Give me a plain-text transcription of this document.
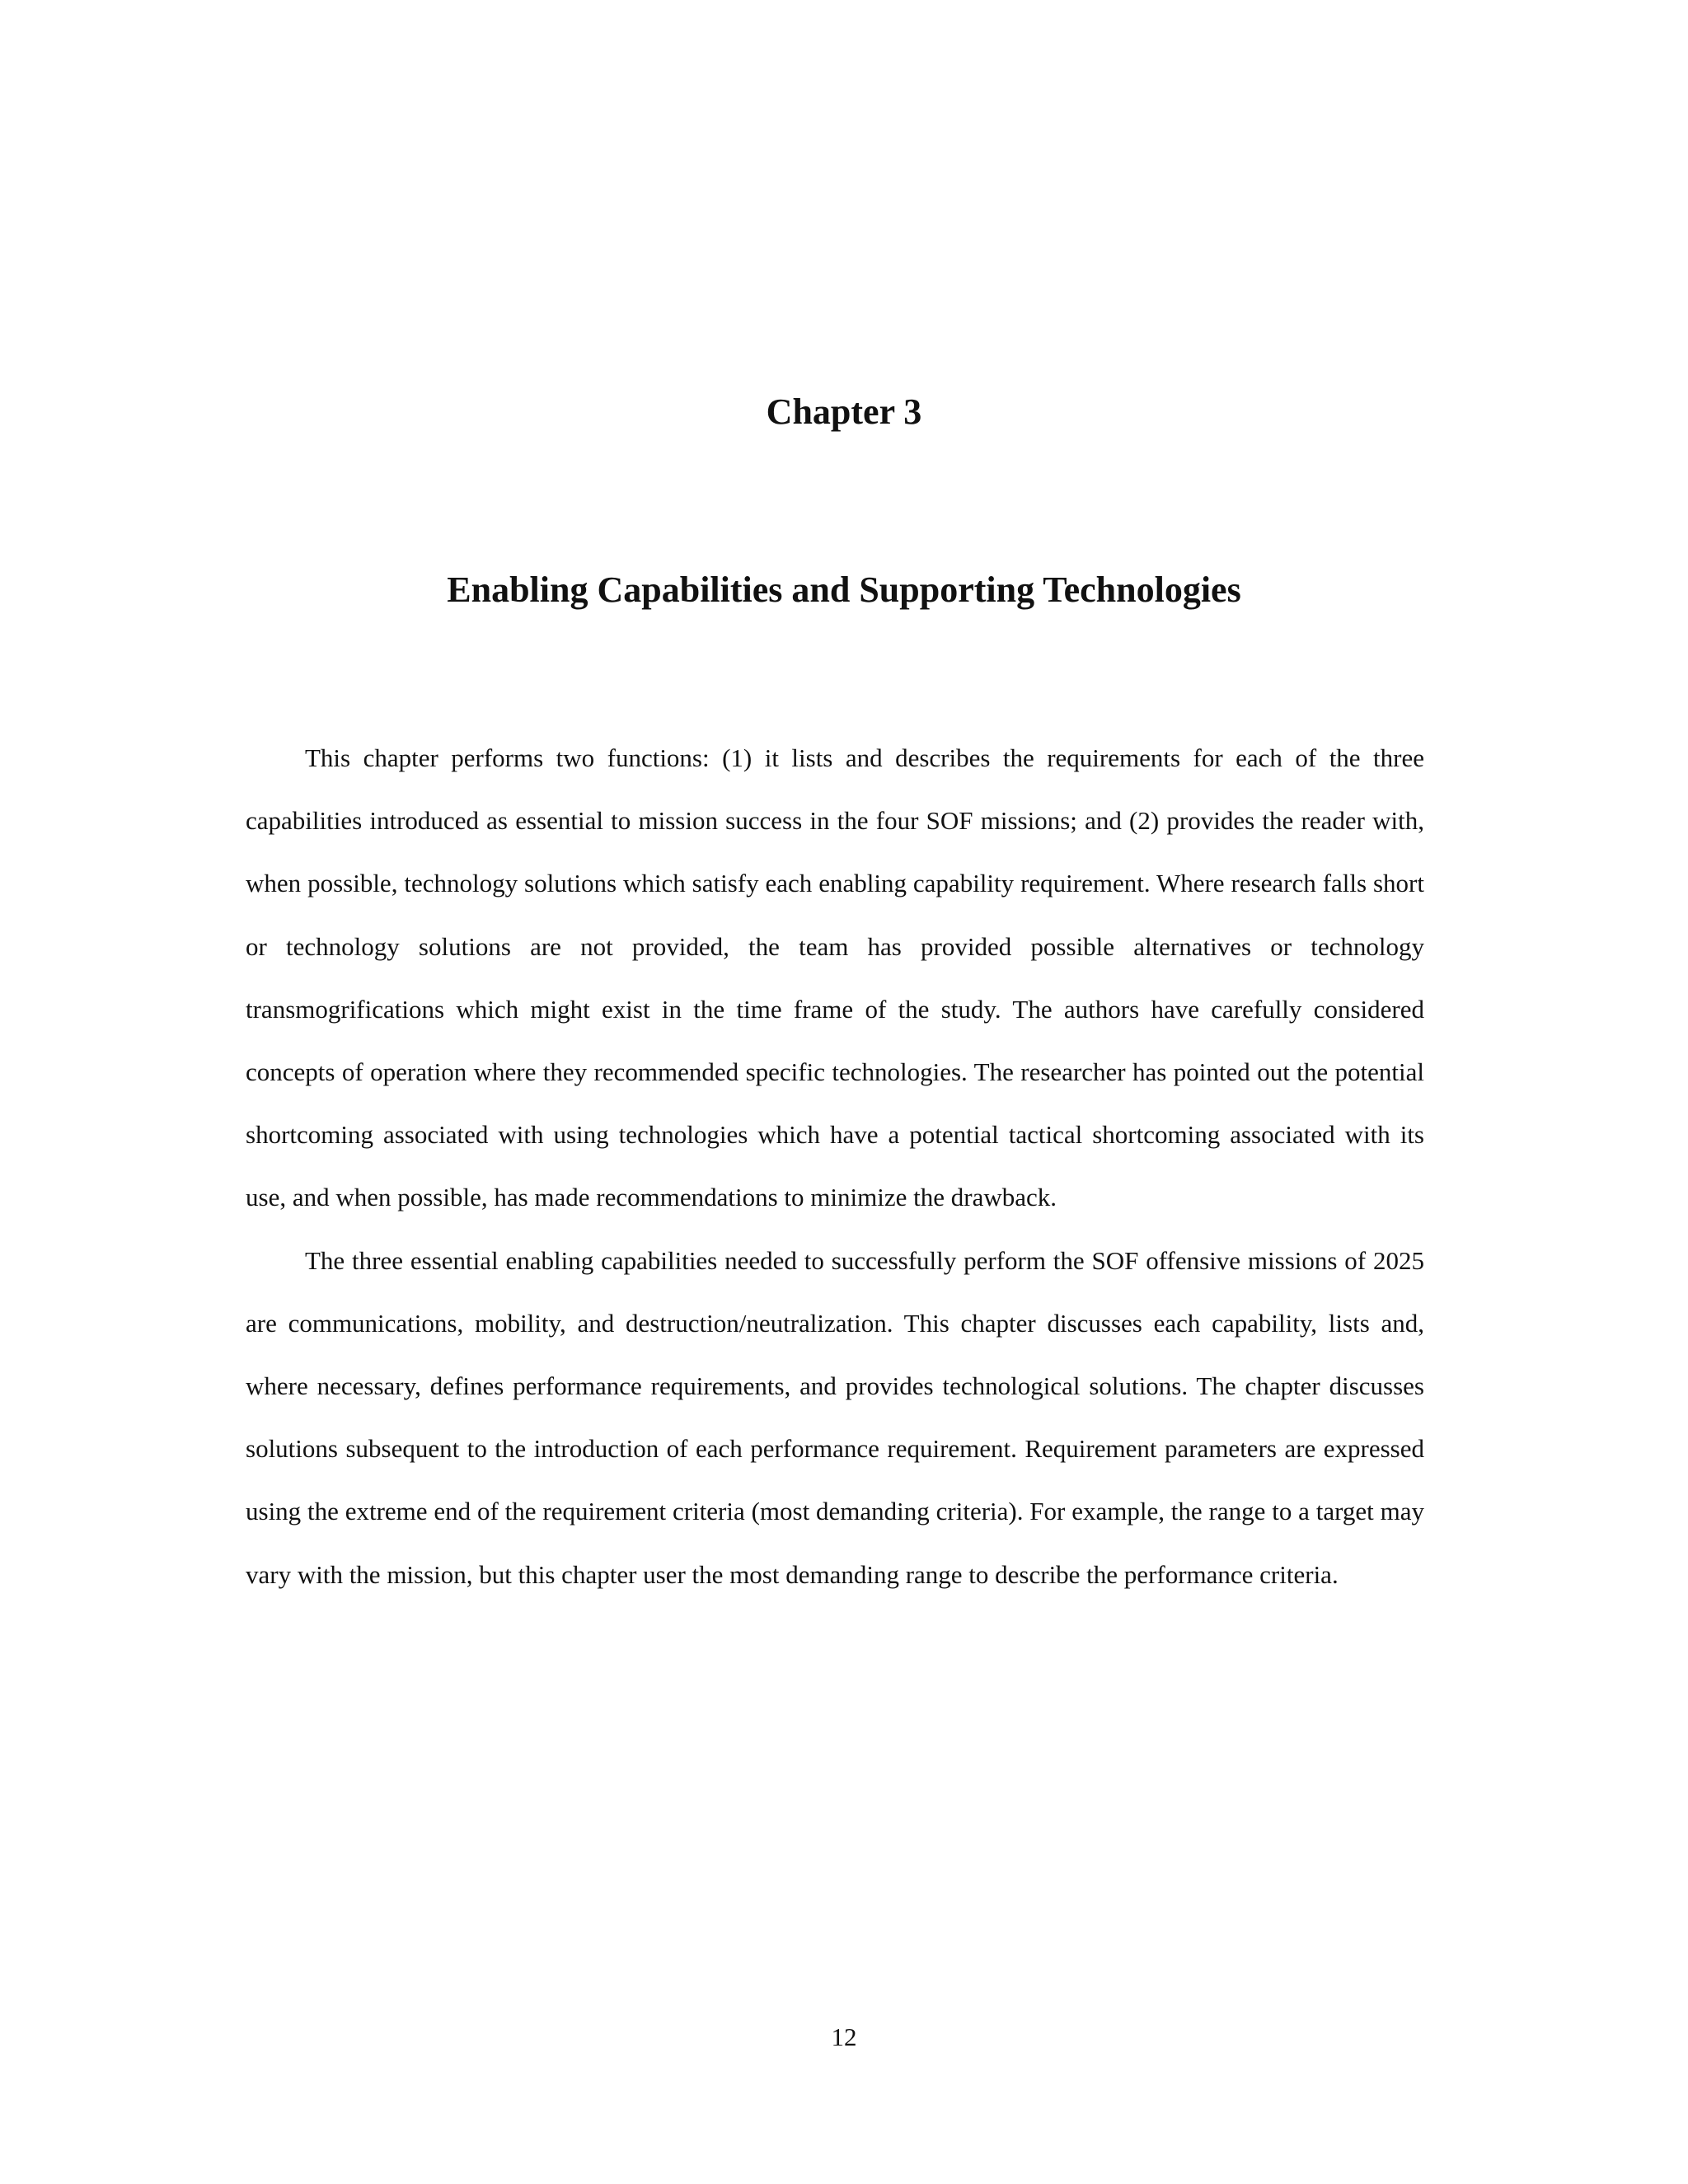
Chapter 3
Enabling Capabilities and Supporting Technologies

This chapter performs two functions: (1) it lists and describes the requirements for each of the three capabilities introduced as essential to mission success in the four SOF missions; and (2) provides the reader with, when possible, technology solutions which satisfy each enabling capability requirement. Where research falls short or technology solutions are not provided, the team has provided possible alternatives or technology transmogrifications which might exist in the time frame of the study. The authors have carefully considered concepts of operation where they recommended specific technologies. The researcher has pointed out the potential shortcoming associated with using technologies which have a potential tactical shortcoming associated with its use, and when possible, has made recommendations to minimize the drawback.

The three essential enabling capabilities needed to successfully perform the SOF offensive missions of 2025 are communications, mobility, and destruction/neutralization. This chapter discusses each capability, lists and, where necessary, defines performance requirements, and provides technological solutions. The chapter discusses solutions subsequent to the introduction of each performance requirement. Requirement parameters are expressed using the extreme end of the requirement criteria (most demanding criteria). For example, the range to a target may vary with the mission, but this chapter user the most demanding range to describe the performance criteria.

12
